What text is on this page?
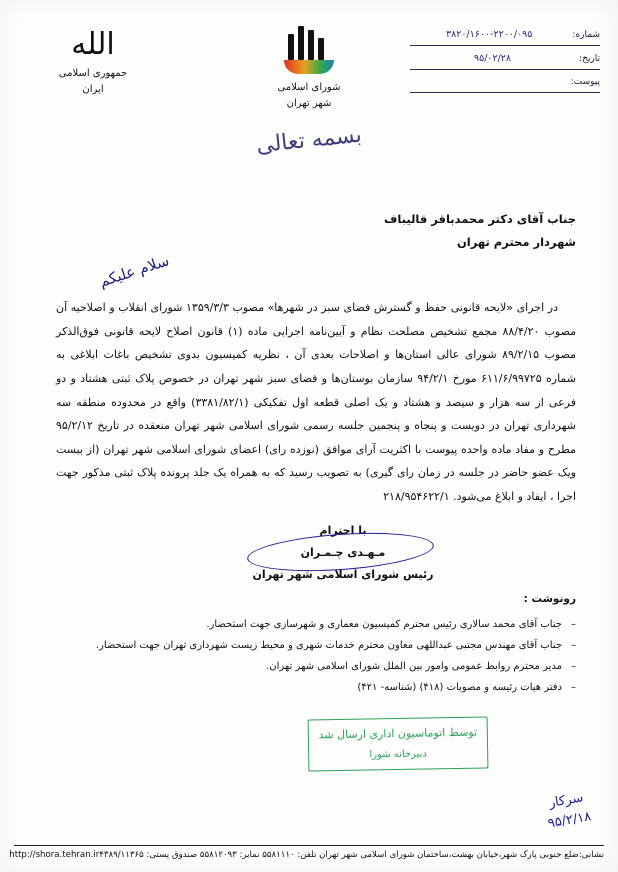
شماره:
۳۸۲۰/۱۶۰۰-۲۲۰۰/۰۹۵
تاریخ:
۹۵/۰۲/۲۸
پیوست:
شورای اسلامی
شهر تهران
الله
جمهوری اسلامی
ایران
بسمه تعالی
جناب آقای دکتر محمدباقر قالیباف
شهردار محترم تهران
سلام علیکم

در اجرای «لایحه قانونی حفظ و گسترش فضای سبز در شهرها» مصوب ۱۳۵۹/۳/۳ شورای انقلاب و اصلاحیه آن مصوب ۸۸/۴/۲۰ مجمع تشخیص مصلحت نظام و آیین‌نامه اجرایی ماده (۱) قانون اصلاح لایحه قانونی فوق‌الذکر مصوب ۸۹/۲/۱۵ شورای عالی استان‌ها و اصلاحات بعدی آن ، نظریه کمیسیون بدوی تشخیص باغات ابلاغی به شماره ۶۱۱/۶/۹۹۷۲۵ مورخ ۹۴/۲/۱ سازمان بوستان‌ها و فضای سبز شهر تهران در خصوص پلاک ثبتی هشتاد و دو فرعی از سه هزار و سیصد و هشتاد و یک اصلی قطعه اول تفکیکی (۳۳۸۱/۸۲/۱) واقع در محدوده منطقه سه شهرداری تهران در دویست و پنجاه و پنجمین جلسه رسمی شورای اسلامی شهر تهران منعقده در تاریخ ۹۵/۲/۱۲ مطرح و مفاد ماده واحده پیوست با اکثریت آرای موافق (نوزده رای) اعضای شورای اسلامی شهر تهران (از بیست ویک عضو حاضر در جلسه در زمان رای گیری) به تصویب رسید که به همراه یک جلد پرونده پلاک ثبتی مذکور جهت اجرا ، ایفاد و ابلاغ می‌شود. ۲۱۸/۹۵۴۶۲۲/۱

با احترام
مـهـدی چـمـران
رئیس شورای اسلامی شهر تهران
رونوشت :
– جناب آقای محمد سالاری رئیس محترم کمیسیون معماری و شهرسازی جهت استحضار.
– جناب آقای مهندس مجتبی عبداللهی معاون محترم خدمات شهری و محیط زیست شهرداری تهران جهت استحضار.
– مدیر محترم روابط عمومی وامور بین الملل شورای اسلامی شهر تهران.
– دفتر هیات رئیسه و مصوبات (۴۱۸) (شناسه- ۴۲۱)
توسط اتوماسیون اداری ارسال شد
دبیرخانه شورا
سرکار
۹۵/۲/۱۸
نشانی:ضلع جنوبی پارک شهر،خیابان بهشت،ساختمان شورای اسلامی شهر تهران تلفن: ۵۵۸۱۱۱۰ نمابر: ۵۵۸۱۲۰۹۳ صندوق پستی: ۴۳۸۹/۱۱۳۶۵
http://shora.tehran.ir
